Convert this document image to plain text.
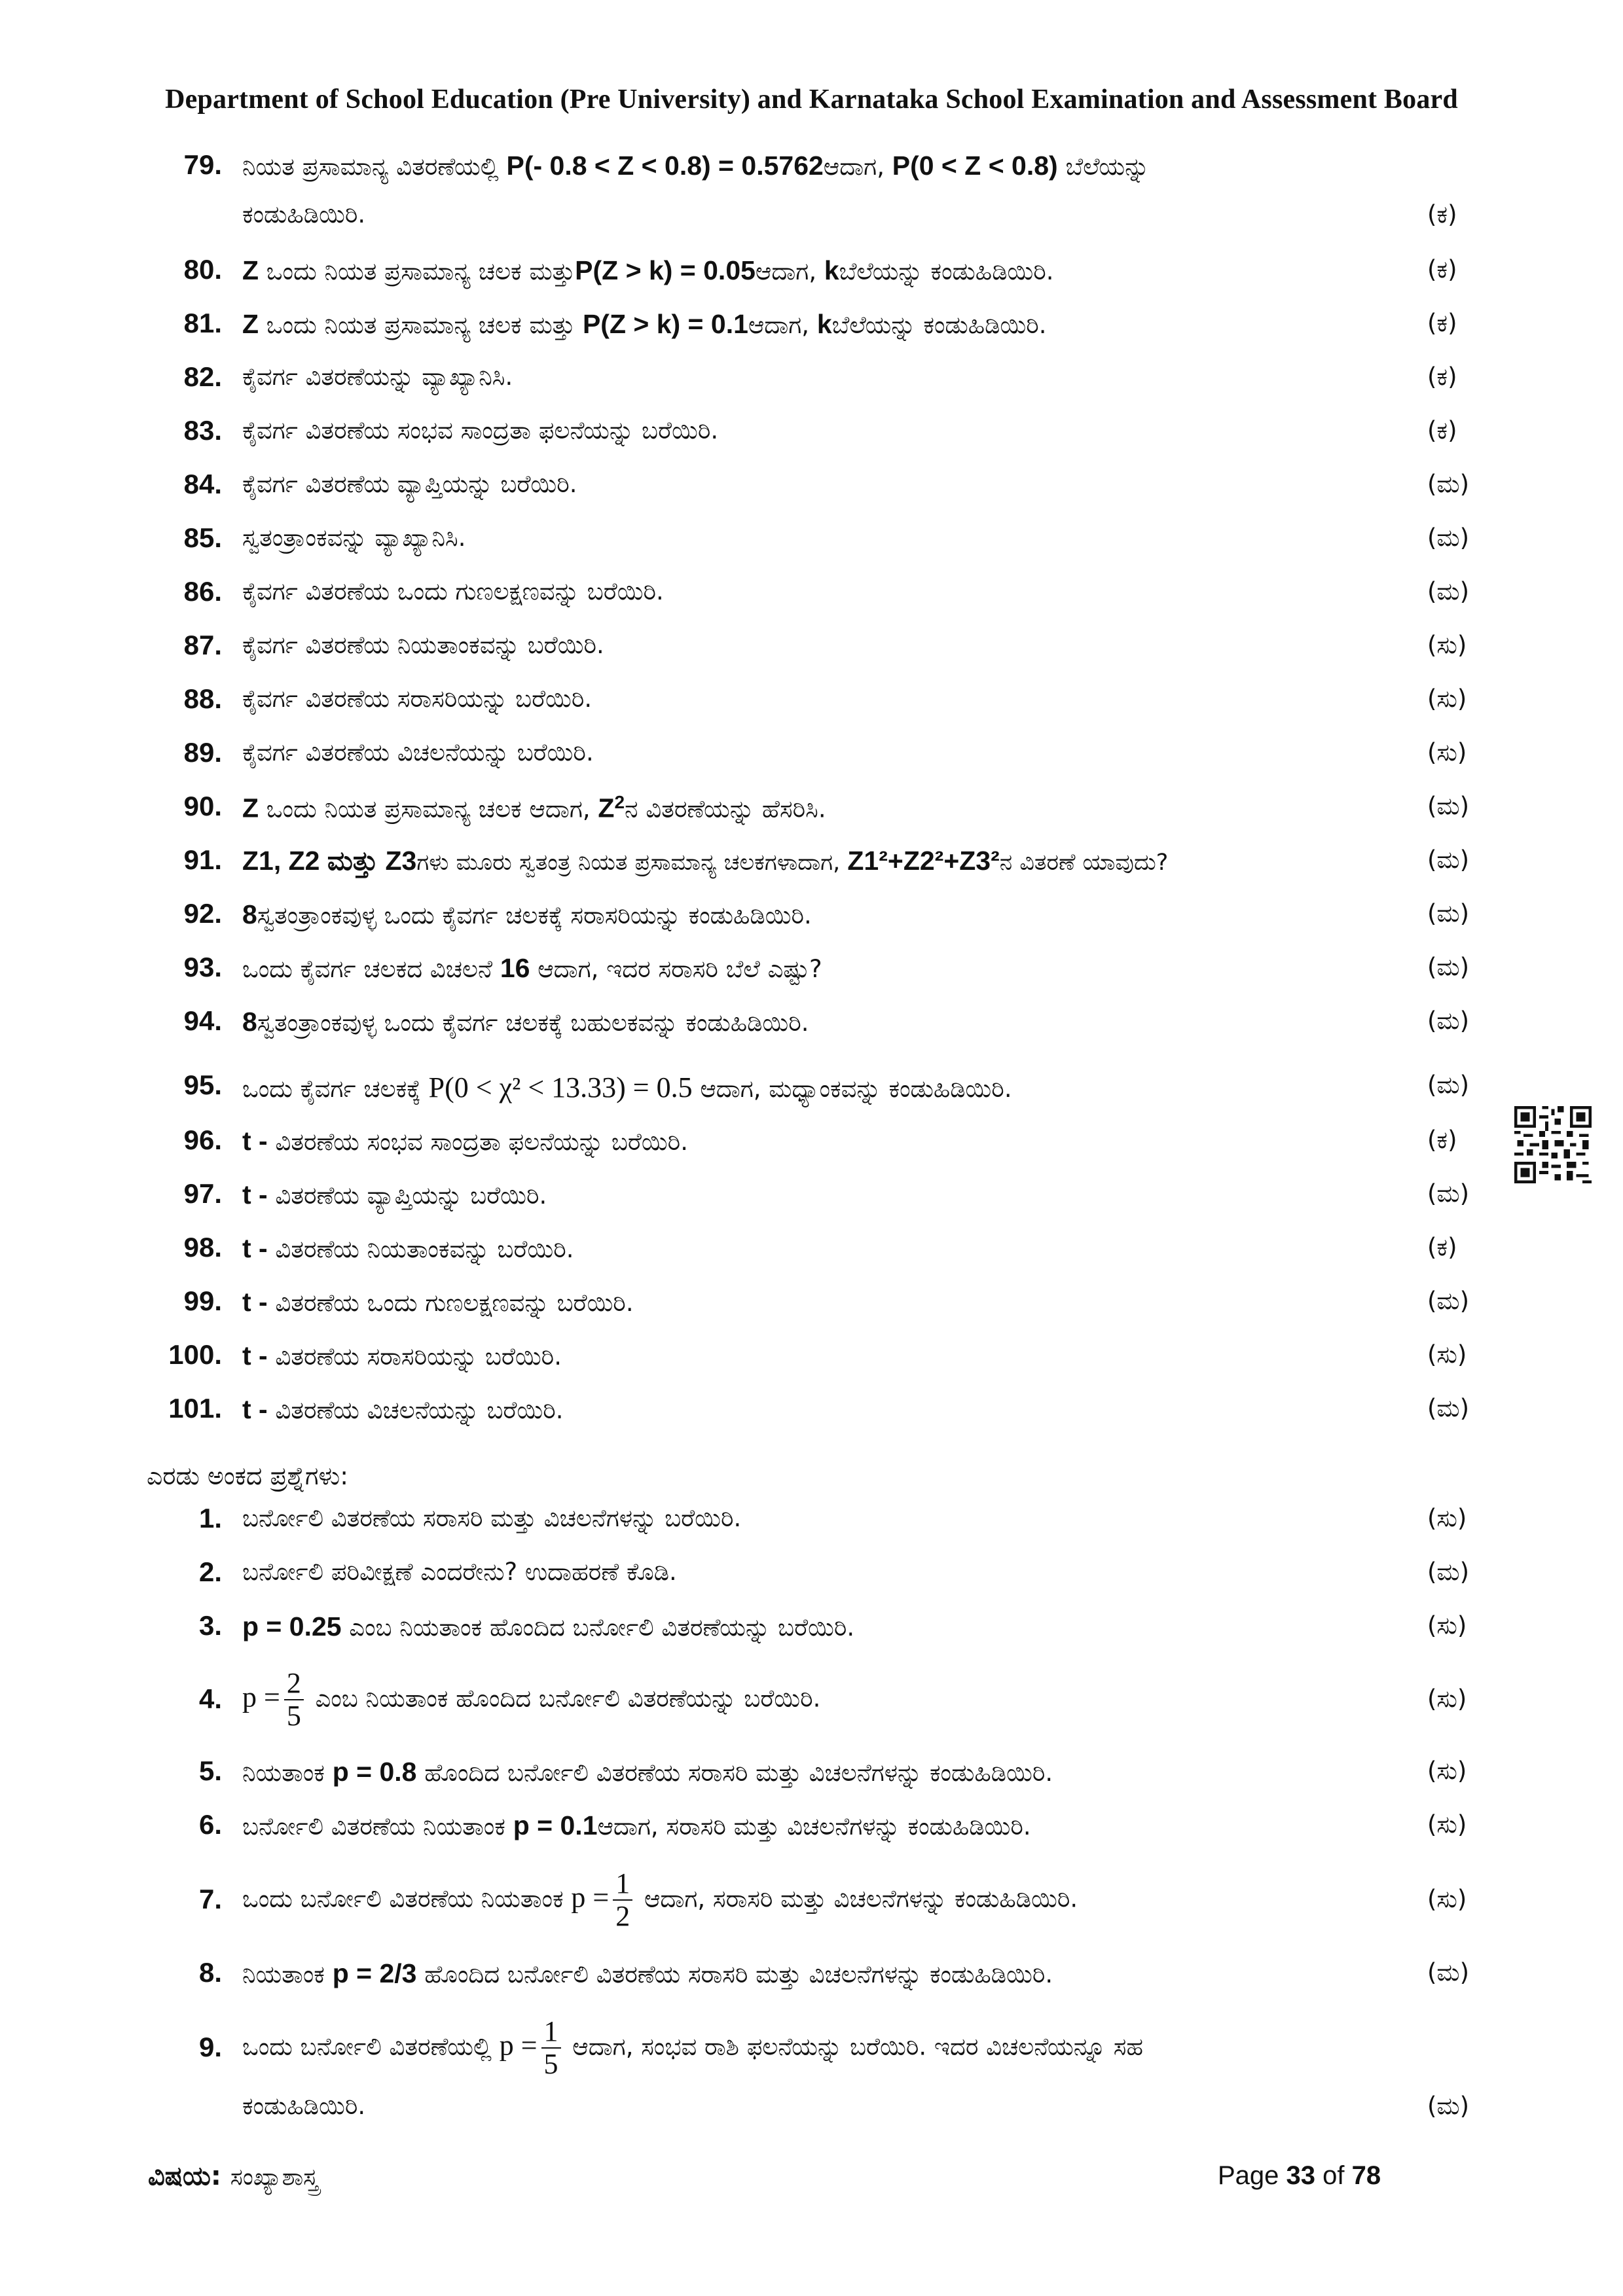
Department of School Education (Pre University) and Karnataka School Examination and Assessment Board
79. ನಿಯತ ಪ್ರಸಾಮಾನ್ಯ ವಿತರಣೆಯಲ್ಲಿ P(- 0.8 < Z < 0.8) = 0.5762ಆದಾಗ, P(0 < Z < 0.8) ಬೆಲೆಯನ್ನು
ಕಂಡುಹಿಡಿಯಿರಿ.	(ಕ)
80. Z ಒಂದು ನಿಯತ ಪ್ರಸಾಮಾನ್ಯ ಚಲಕ ಮತ್ತುP(Z > k) = 0.05ಆದಾಗ, kಬೆಲೆಯನ್ನು ಕಂಡುಹಿಡಿಯಿರಿ.	(ಕ)
81. Z ಒಂದು ನಿಯತ ಪ್ರಸಾಮಾನ್ಯ ಚಲಕ ಮತ್ತು P(Z > k) = 0.1ಆದಾಗ, kಬೆಲೆಯನ್ನು ಕಂಡುಹಿಡಿಯಿರಿ.	(ಕ)
82. ಕೈವರ್ಗ ವಿತರಣೆಯನ್ನು ವ್ಯಾಖ್ಯಾನಿಸಿ.	(ಕ)
83. ಕೈವರ್ಗ ವಿತರಣೆಯ ಸಂಭವ ಸಾಂದ್ರತಾ ಫಲನೆಯನ್ನು ಬರೆಯಿರಿ.	(ಕ)
84. ಕೈವರ್ಗ ವಿತರಣೆಯ ವ್ಯಾಪ್ತಿಯನ್ನು ಬರೆಯಿರಿ.	(ಮ)
85. ಸ್ವತಂತ್ರಾಂಕವನ್ನು ವ್ಯಾಖ್ಯಾನಿಸಿ.	(ಮ)
86. ಕೈವರ್ಗ ವಿತರಣೆಯ ಒಂದು ಗುಣಲಕ್ಷಣವನ್ನು ಬರೆಯಿರಿ.	(ಮ)
87. ಕೈವರ್ಗ ವಿತರಣೆಯ ನಿಯತಾಂಕವನ್ನು ಬರೆಯಿರಿ.	(ಸು)
88. ಕೈವರ್ಗ ವಿತರಣೆಯ ಸರಾಸರಿಯನ್ನು ಬರೆಯಿರಿ.	(ಸು)
89. ಕೈವರ್ಗ ವಿತರಣೆಯ ವಿಚಲನೆಯನ್ನು ಬರೆಯಿರಿ.	(ಸು)
90. Z ಒಂದು ನಿಯತ ಪ್ರಸಾಮಾನ್ಯ ಚಲಕ ಆದಾಗ, $Z^2ನ$ ವಿತರಣೆಯನ್ನು ಹೆಸರಿಸಿ.	(ಮ)
91. Z1, Z2 ಮತ್ತು Z3ಗಳು ಮೂರು ಸ್ವತಂತ್ರ ನಿಯತ ಪ್ರಸಾಮಾನ್ಯ ಚಲಕಗಳಾದಾಗ, Z1²+Z2²+Z3²ನ ವಿತರಣೆ ಯಾವುದು?	(ಮ)
92. 8ಸ್ವತಂತ್ರಾಂಕವುಳ್ಳ ಒಂದು ಕೈವರ್ಗ ಚಲಕಕ್ಕೆ ಸರಾಸರಿಯನ್ನು ಕಂಡುಹಿಡಿಯಿರಿ.	(ಮ)
93. ಒಂದು ಕೈವರ್ಗ ಚಲಕದ ವಿಚಲನೆ 16 ಆದಾಗ, ಇದರ ಸರಾಸರಿ ಬೆಲೆ ಎಷ್ಟು?	(ಮ)
94. 8ಸ್ವತಂತ್ರಾಂಕವುಳ್ಳ ಒಂದು ಕೈವರ್ಗ ಚಲಕಕ್ಕೆ ಬಹುಲಕವನ್ನು ಕಂಡುಹಿಡಿಯಿರಿ.	(ಮ)
95. ಒಂದು ಕೈವರ್ಗ ಚಲಕಕ್ಕೆ P(0 < χ² < 13.33) = 0.5 ಆದಾಗ, ಮಧ್ಯಾಂಕವನ್ನು ಕಂಡುಹಿಡಿಯಿರಿ.	(ಮ)
96. t - ವಿತರಣೆಯ ಸಂಭವ ಸಾಂದ್ರತಾ ಫಲನೆಯನ್ನು ಬರೆಯಿರಿ.	(ಕ)
97. t - ವಿತರಣೆಯ ವ್ಯಾಪ್ತಿಯನ್ನು ಬರೆಯಿರಿ.	(ಮ)
98. t - ವಿತರಣೆಯ ನಿಯತಾಂಕವನ್ನು ಬರೆಯಿರಿ.	(ಕ)
99. t - ವಿತರಣೆಯ ಒಂದು ಗುಣಲಕ್ಷಣವನ್ನು ಬರೆಯಿರಿ.	(ಮ)
100. t - ವಿತರಣೆಯ ಸರಾಸರಿಯನ್ನು ಬರೆಯಿರಿ.	(ಸು)
101. t - ವಿತರಣೆಯ ವಿಚಲನೆಯನ್ನು ಬರೆಯಿರಿ.	(ಮ)
ಎರಡು ಅಂಕದ ಪ್ರಶ್ನೆಗಳು:
1. ಬರ್ನೋಲಿ ವಿತರಣೆಯ ಸರಾಸರಿ ಮತ್ತು ವಿಚಲನೆಗಳನ್ನು ಬರೆಯಿರಿ.	(ಸು)
2. ಬರ್ನೋಲಿ ಪರಿವೀಕ್ಷಣೆ ಎಂದರೇನು? ಉದಾಹರಣೆ ಕೊಡಿ.	(ಮ)
3. p = 0.25 ಎಂಬ ನಿಯತಾಂಕ ಹೊಂದಿದ ಬರ್ನೋಲಿ ವಿತರಣೆಯನ್ನು ಬರೆಯಿರಿ.	(ಸು)
4. $p = \frac{2}{5}$ ಎಂಬ ನಿಯತಾಂಕ ಹೊಂದಿದ ಬರ್ನೋಲಿ ವಿತರಣೆಯನ್ನು ಬರೆಯಿರಿ.	(ಸು)
5. ನಿಯತಾಂಕ p = 0.8 ಹೊಂದಿದ ಬರ್ನೋಲಿ ವಿತರಣೆಯ ಸರಾಸರಿ ಮತ್ತು ವಿಚಲನೆಗಳನ್ನು ಕಂಡುಹಿಡಿಯಿರಿ.	(ಸು)
6. ಬರ್ನೋಲಿ ವಿತರಣೆಯ ನಿಯತಾಂಕ p = 0.1ಆದಾಗ, ಸರಾಸರಿ ಮತ್ತು ವಿಚಲನೆಗಳನ್ನು ಕಂಡುಹಿಡಿಯಿರಿ.	(ಸು)
7. ಒಂದು ಬರ್ನೋಲಿ ವಿತರಣೆಯ ನಿಯತಾಂಕ $p = \frac{1}{2}$ ಆದಾಗ, ಸರಾಸರಿ ಮತ್ತು ವಿಚಲನೆಗಳನ್ನು ಕಂಡುಹಿಡಿಯಿರಿ.	(ಸು)
8. ನಿಯತಾಂಕ p = 2/3 ಹೊಂದಿದ ಬರ್ನೋಲಿ ವಿತರಣೆಯ ಸರಾಸರಿ ಮತ್ತು ವಿಚಲನೆಗಳನ್ನು ಕಂಡುಹಿಡಿಯಿರಿ.	(ಮ)
9. ಒಂದು ಬರ್ನೋಲಿ ವಿತರಣೆಯಲ್ಲಿ $p = \frac{1}{5}$ ಆದಾಗ, ಸಂಭವ ರಾಶಿ ಫಲನೆಯನ್ನು ಬರೆಯಿರಿ. ಇದರ ವಿಚಲನೆಯನ್ನೂ ಸಹ
ಕಂಡುಹಿಡಿಯಿರಿ.	(ಮ)
ವಿಷಯ: ಸಂಖ್ಯಾಶಾಸ್ತ್ರ	Page 33 of 78
